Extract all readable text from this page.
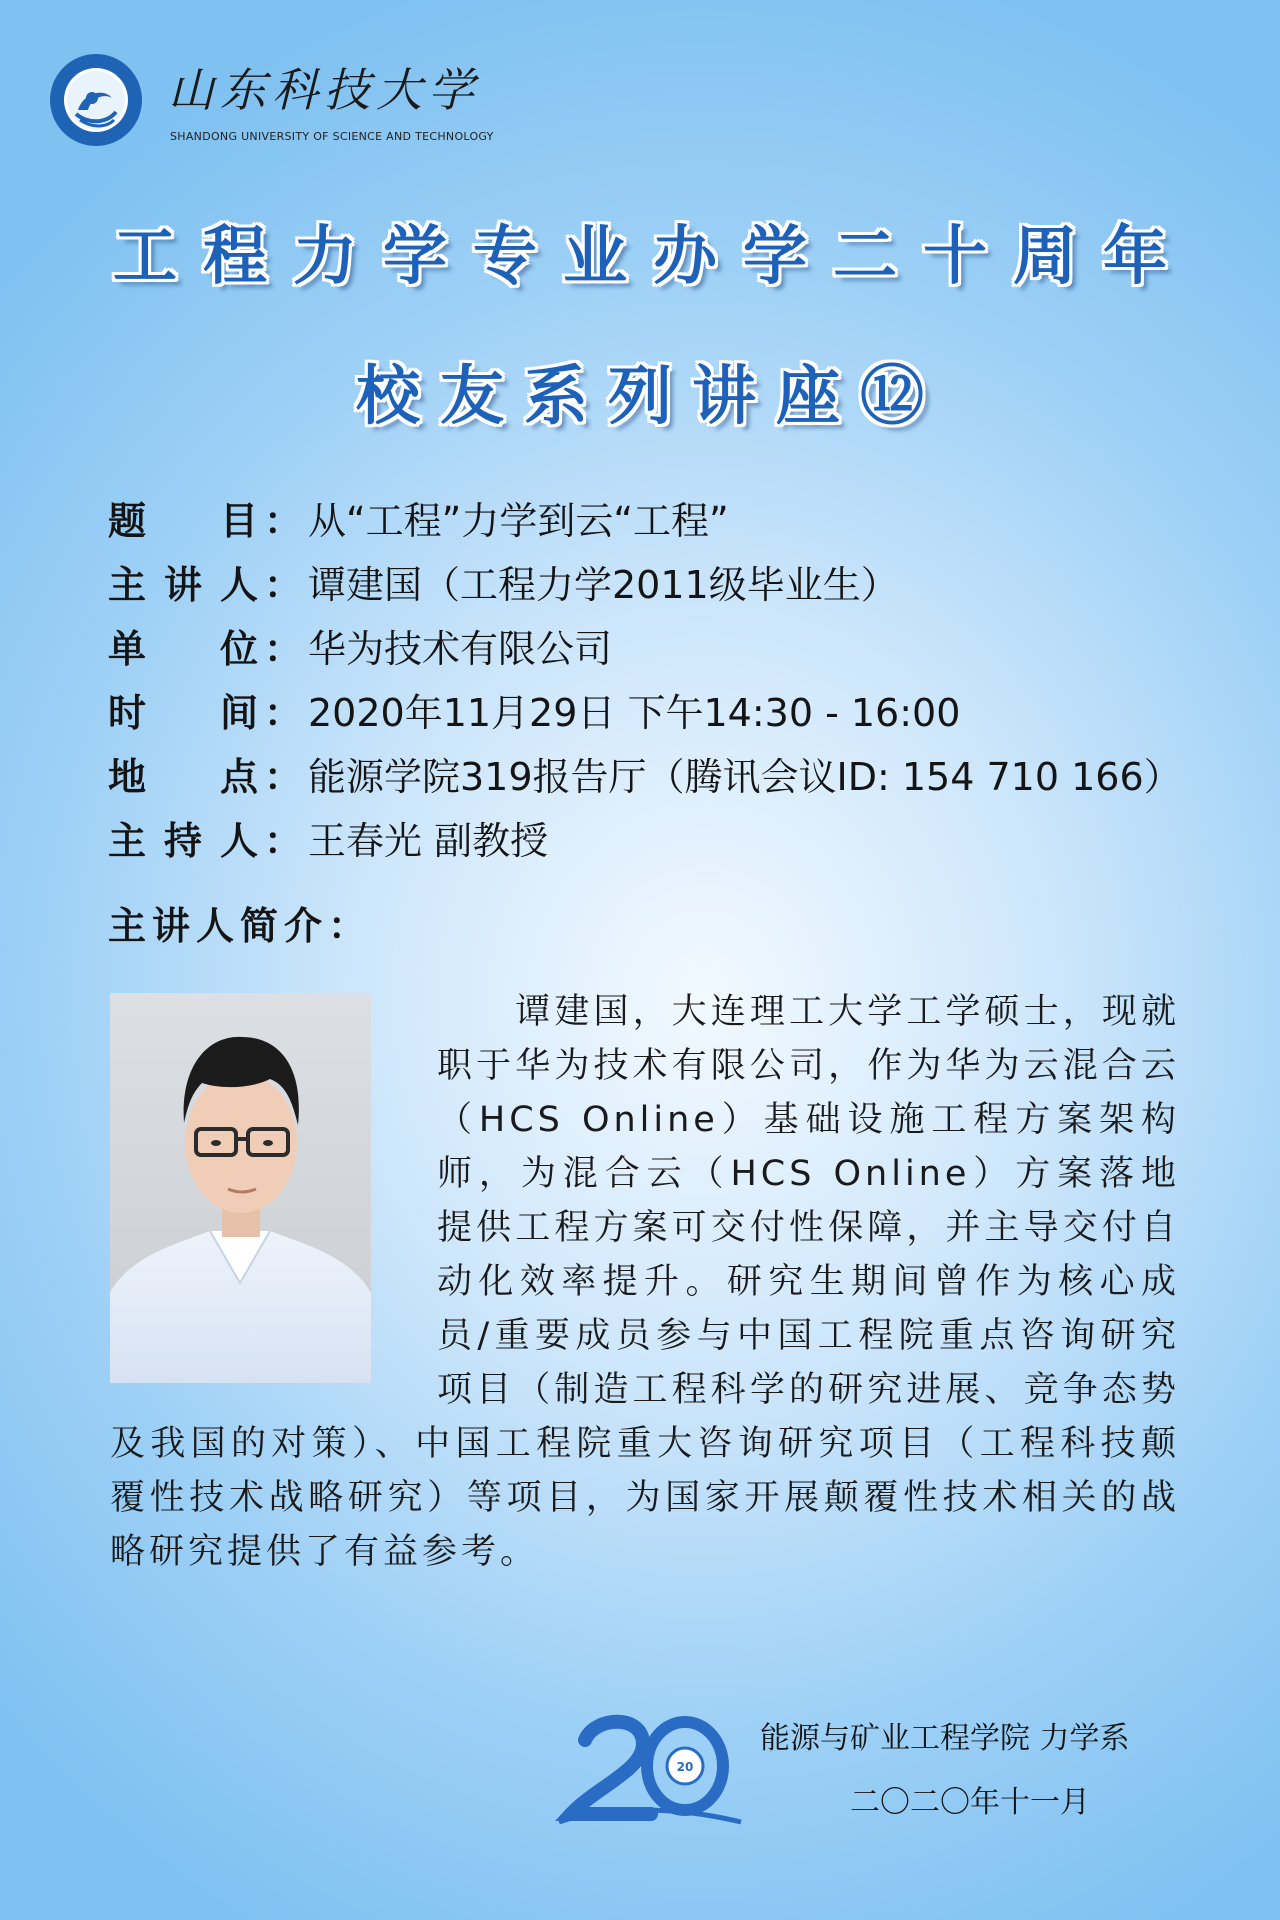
山东科技大学
SHANDONG UNIVERSITY OF SCIENCE AND TECHNOLOGY
工程力学专业办学二十周年
校友系列讲座⑫
题 目 ： 从“工程”力学到云“工程”
主 讲 人 ： 谭建国（工程力学2011级毕业生）
单 位 ： 华为技术有限公司
时 间 ： 2020年11月29日 下午14:30 - 16:00
地 点 ： 能源学院319报告厅（腾讯会议ID: 154 710 166）
主 持 人 ： 王春光 副教授
主讲人简介：
　　谭建国，大连理工大学工学硕士，现就职于华为技术有限公司，作为华为云混合云（HCS Online）基础设施工程方案架构师，为混合云（HCS Online）方案落地提供工程方案可交付性保障，并主导交付自动化效率提升。研究生期间曾作为核心成员/重要成员参与中国工程院重点咨询研究项目（制造工程科学的研究进展、竞争态势及我国的对策）、中国工程院重大咨询研究项目（工程科技颠覆性技术战略研究）等项目，为国家开展颠覆性技术相关的战略研究提供了有益参考。
20
能源与矿业工程学院 力学系
二〇二〇年十一月
